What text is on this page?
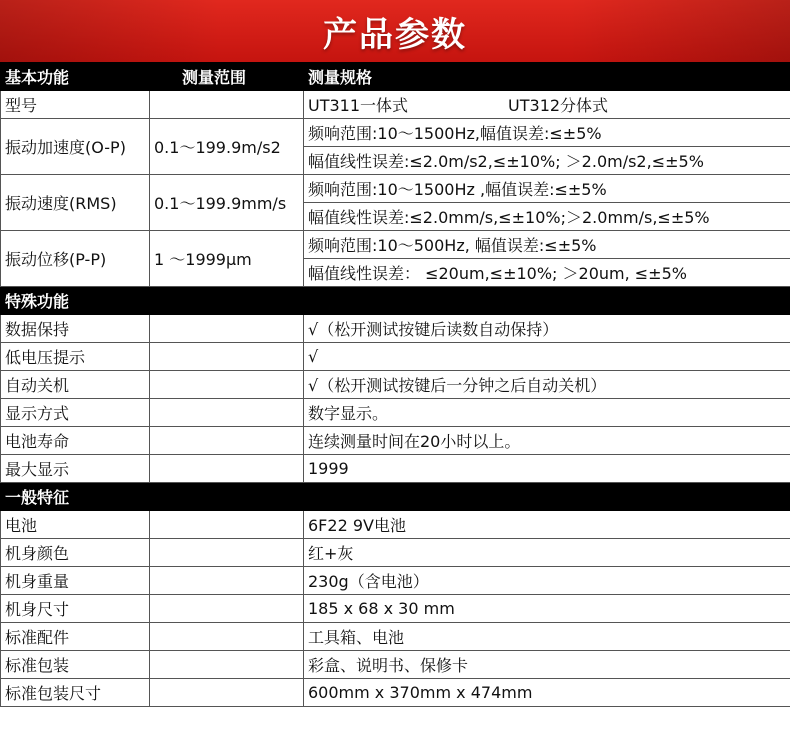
产品参数
基本功能	测量范围	测量规格
型号		UT311一体式 UT312分体式
振动加速度(O-P)	0.1～199.9m/s2	频响范围:10～1500Hz,幅值误差:≤±5%
		幅值线性误差:≤2.0m/s2,≤±10%; ＞2.0m/s2,≤±5%
振动速度(RMS)	0.1～199.9mm/s	频响范围:10～1500Hz ,幅值误差:≤±5%
		幅值线性误差:≤2.0mm/s,≤±10%;＞2.0mm/s,≤±5%
振动位移(P-P)	1 ～1999μm	频响范围:10～500Hz, 幅值误差:≤±5%
		幅值线性误差： ≤20um,≤±10%; ＞20um, ≤±5%
特殊功能		
数据保持		√（松开测试按键后读数自动保持）
低电压提示		√
自动关机		√（松开测试按键后一分钟之后自动关机）
显示方式		数字显示。
电池寿命		连续测量时间在20小时以上。
最大显示		1999
一般特征		
电池		6F22 9V电池
机身颜色		红+灰
机身重量		230g（含电池）
机身尺寸		185 x 68 x 30 mm
标准配件		工具箱、电池
标准包装		彩盒、说明书、保修卡
标准包装尺寸		600mm x 370mm x 474mm
